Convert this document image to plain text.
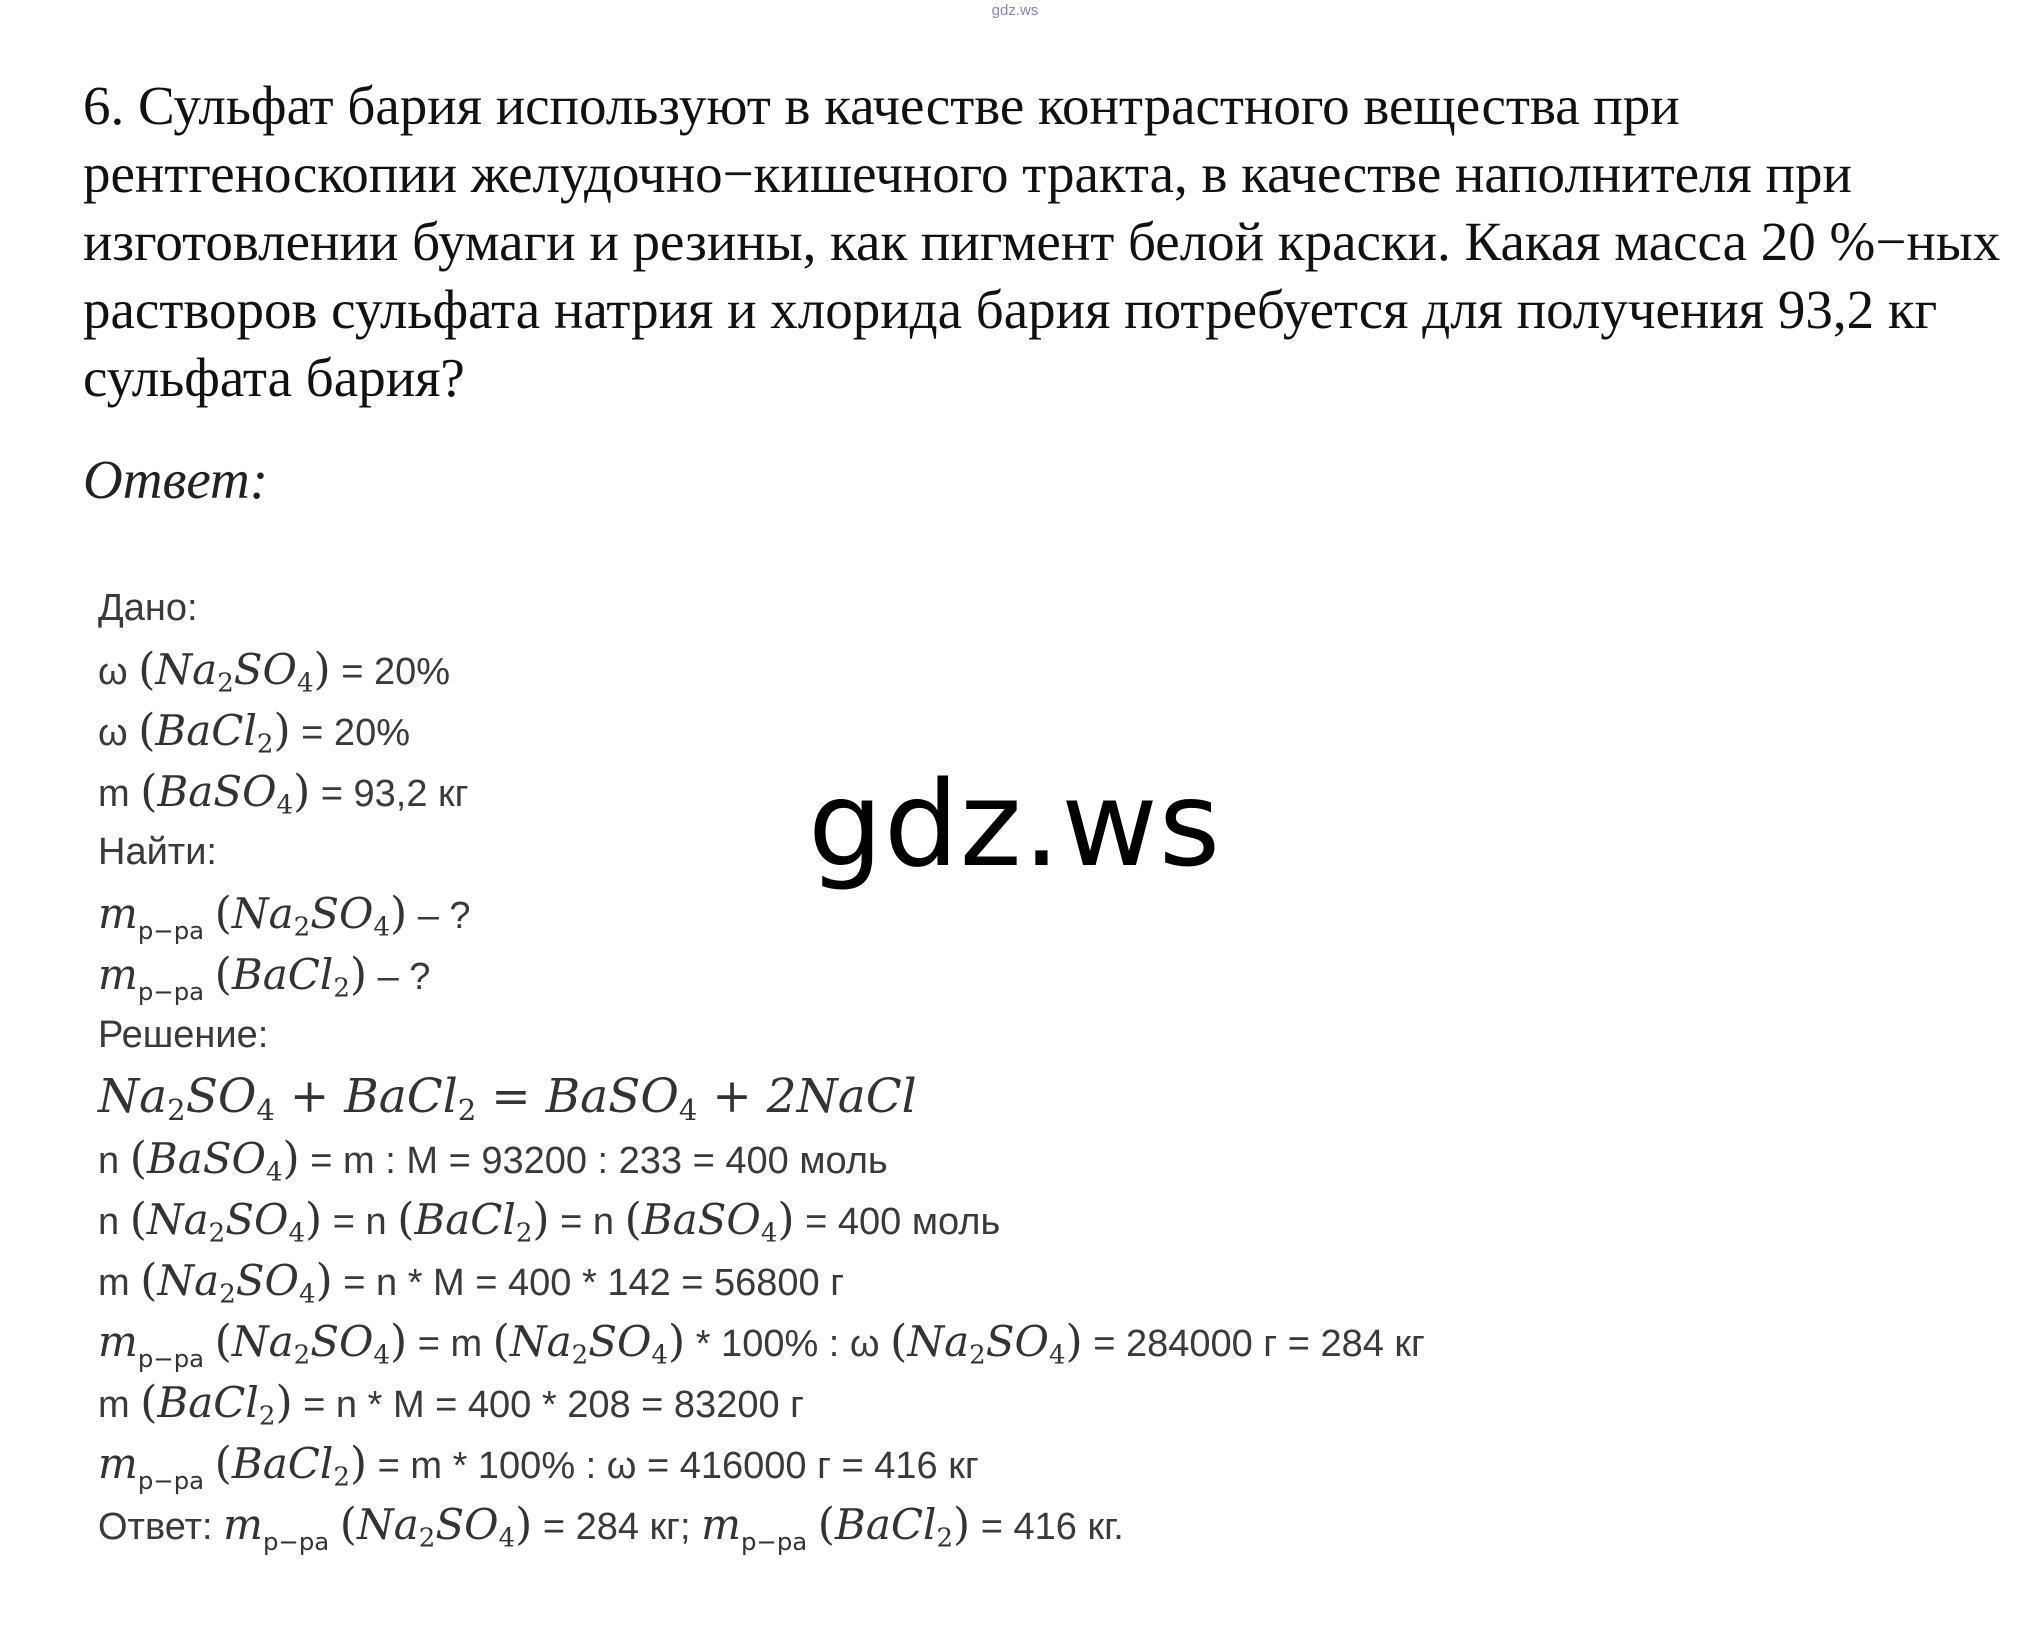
gdz.ws
6. Сульфат бария используют в качестве контрастного вещества при рентгеноскопии желудочно−кишечного тракта, в качестве наполнителя при изготовлении бумаги и резины, как пигмент белой краски. Какая масса 20 %−ных растворов сульфата натрия и хлорида бария потребуется для получения 93,2 кг сульфата бария?
Ответ:
Дано:
ω $(Na_2SO_4) = 20\%$
ω (BaCl$_2$) = 20%
m (BaSO$_4$) = 93,2 кг
Найти:
$m_{р-ра}$ $(Na_2SO_4)$ – ?
$m_{р-ра}$ (BaCl$_2$) – ?
Решение:
$Na_2SO_4$ + BaCl$_2$ = BaSO$_4$ + 2NaCl
n (BaSO$_4$) = m : M = 93200 : 233 = 400 моль
n $(Na_2SO_4) = n$ (BaCl$_2$) = n (BaSO$_4$) = 400 моль
m $(Na_2SO_4) = n * M = 400 * 142 = 56800$ г
$m_{р-ра}$ $(Na_2SO_4) = m$ $(Na_2SO_4) * 100\%$ : ω $(Na_2SO_4) = 284000$ г = 284 кг
m (BaCl$_2$) = n * M = 400 * 208 = 83200 г
$m_{р-ра}$ (BaCl$_2$) = m * 100% : ω = 416000 г = 416 кг
Ответ: $m_{р-ра}$ $(Na_2SO_4) = 284$ кг; $m_{р-ра}$ (BaCl$_2$) = 416 кг.
gdz.ws
